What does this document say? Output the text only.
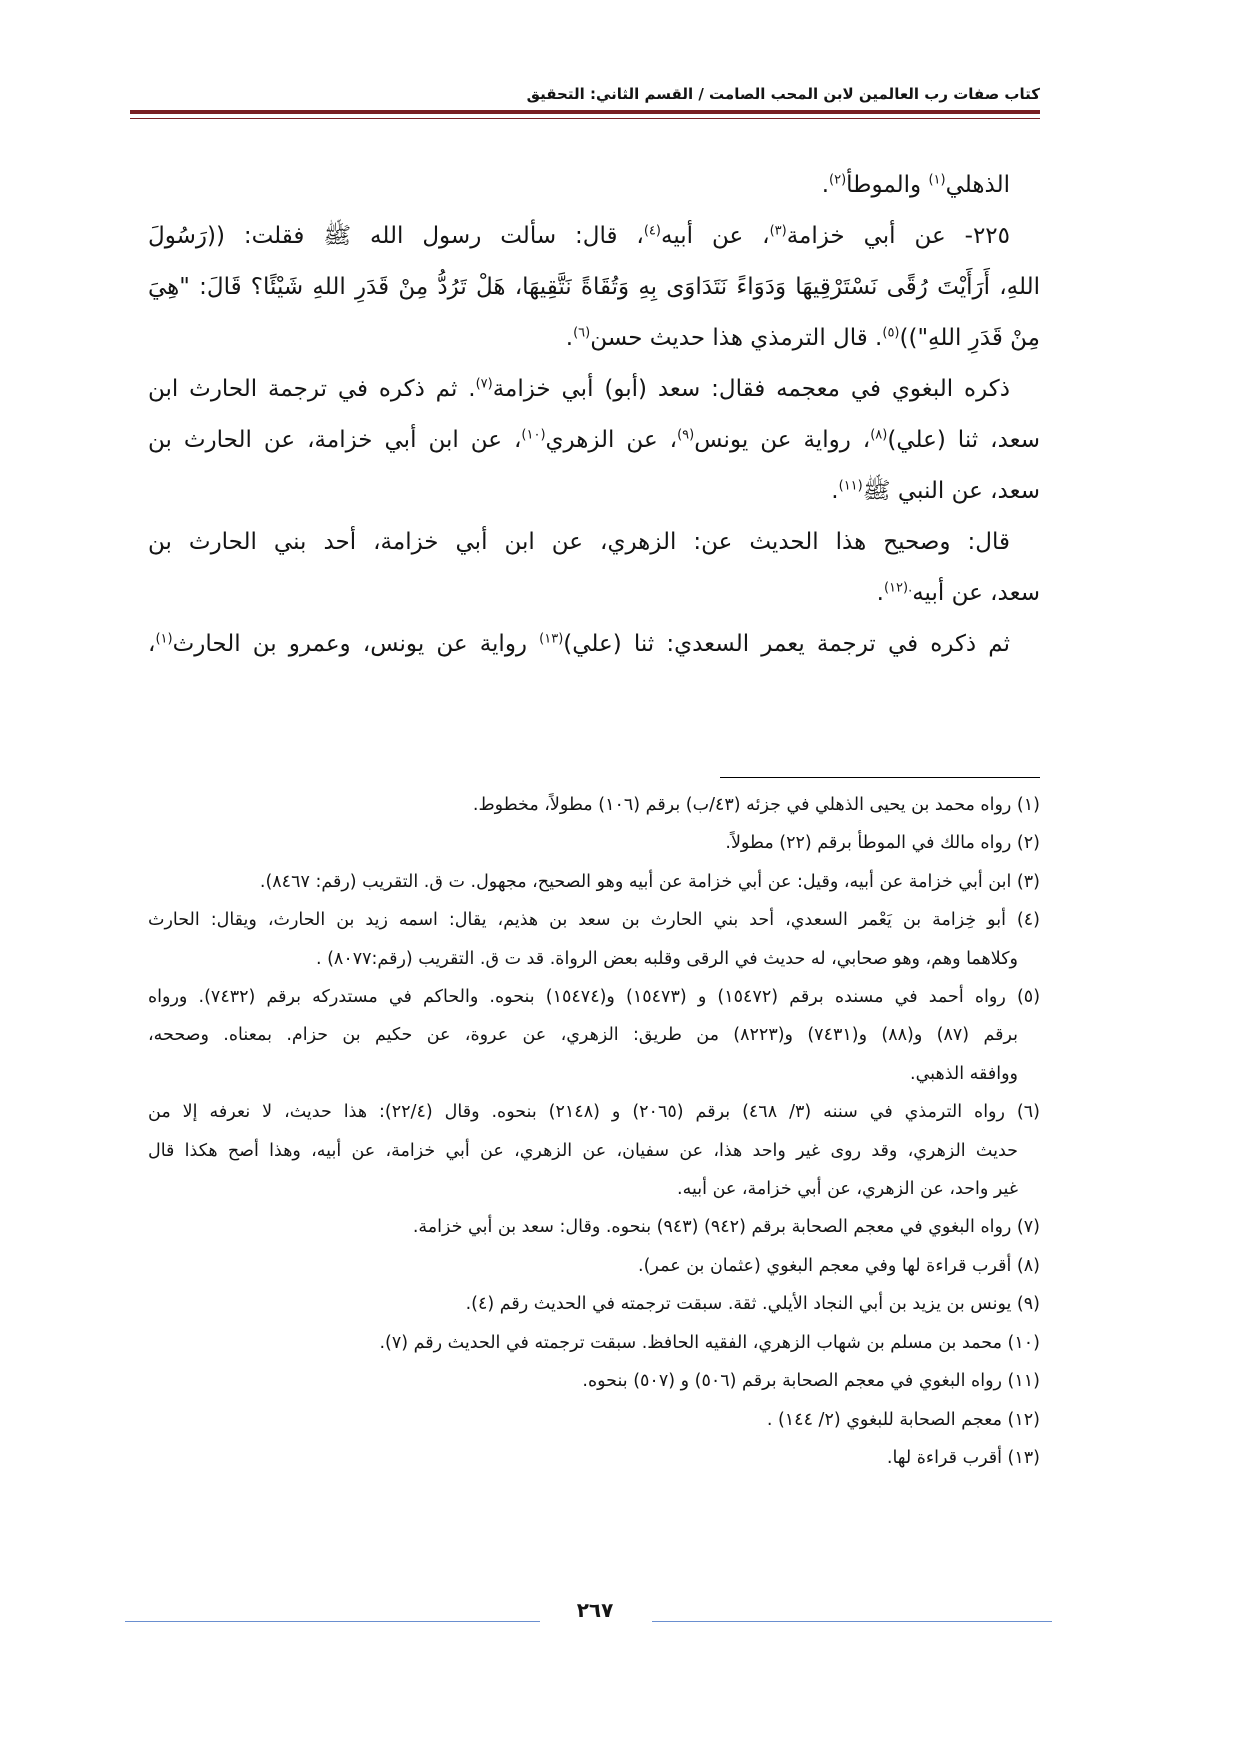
كتاب صفات رب العالمين لابن المحب الصامت / القسم الثاني: التحقيق
الذهلي$^{(١)}$ والموطأ$^{(٢)}$.
٢٢٥- عن أبي خزامة$^{(٣)}$، عن أبيه$^{(٤)}$، قال: سألت رسول الله ﷺ فقلت: ((رَسُولَ
اللهِ، أَرَأَيْتَ رُقًى نَسْتَرْقِيهَا وَدَوَاءً نَتَدَاوَى بِهِ وَتُقَاةً نَتَّقِيهَا، هَلْ تَرُدُّ مِنْ قَدَرِ اللهِ شَيْئًا؟ قَالَ: "هِيَ
مِنْ قَدَرِ اللهِ"))$^{(٥)}$. قال الترمذي هذا حديث حسن$^{(٦)}$.
ذكره البغوي في معجمه فقال: سعد (أبو) أبي خزامة$^{(٧)}$. ثم ذكره في ترجمة الحارث ابن
سعد، ثنا (علي)$^{(٨)}$، رواية عن يونس$^{(٩)}$، عن الزهري$^{(١٠)}$، عن ابن أبي خزامة، عن الحارث بن
سعد، عن النبي ﷺ$^{(١١)}$.
قال: وصحيح هذا الحديث عن: الزهري، عن ابن أبي خزامة، أحد بني الحارث بن
سعد، عن أبيه$^{.(١٢)}$.
ثم ذكره في ترجمة يعمر السعدي: ثنا (علي)$^{(١٣)}$ رواية عن يونس، وعمرو بن الحارث$^{(١)}$،
(١) رواه محمد بن يحيى الذهلي في جزئه (٤٣/ب) برقم (١٠٦) مطولاً، مخطوط.
(٢) رواه مالك في الموطأ برقم (٢٢) مطولاً.
(٣) ابن أبي خزامة عن أبيه، وقيل: عن أبي خزامة عن أبيه وهو الصحيح، مجهول. ت ق. التقريب (رقم: ٨٤٦٧).
(٤) أبو خِزامة بن يَعْمر السعدي، أحد بني الحارث بن سعد بن هذيم، يقال: اسمه زيد بن الحارث، ويقال: الحارث
وكلاهما وهم، وهو صحابي، له حديث في الرقى وقلبه بعض الرواة. قد ت ق. التقريب (رقم:٨٠٧٧) .
(٥) رواه أحمد في مسنده برقم (١٥٤٧٢) و (١٥٤٧٣) و(١٥٤٧٤) بنحوه. والحاكم في مستدركه برقم (٧٤٣٢). ورواه
برقم (٨٧) و(٨٨) و(٧٤٣١) و(٨٢٢٣) من طريق: الزهري، عن عروة، عن حكيم بن حزام. بمعناه. وصححه،
ووافقه الذهبي.
(٦) رواه الترمذي في سننه (٣/ ٤٦٨) برقم (٢٠٦٥) و (٢١٤٨) بنحوه. وقال (٢٢/٤): هذا حديث، لا نعرفه إلا من
حديث الزهري، وقد روى غير واحد هذا، عن سفيان، عن الزهري، عن أبي خزامة، عن أبيه، وهذا أصح هكذا قال
غير واحد، عن الزهري، عن أبي خزامة، عن أبيه.
(٧) رواه البغوي في معجم الصحابة برقم (٩٤٢) (٩٤٣) بنحوه. وقال: سعد بن أبي خزامة.
(٨) أقرب قراءة لها وفي معجم البغوي (عثمان بن عمر).
(٩) يونس بن يزيد بن أبي النجاد الأيلي. ثقة. سبقت ترجمته في الحديث رقم (٤).
(١٠) محمد بن مسلم بن شهاب الزهري، الفقيه الحافظ. سبقت ترجمته في الحديث رقم (٧).
(١١) رواه البغوي في معجم الصحابة برقم (٥٠٦) و (٥٠٧) بنحوه.
(١٢) معجم الصحابة للبغوي (٢/ ١٤٤) .
(١٣) أقرب قراءة لها.
٢٦٧
